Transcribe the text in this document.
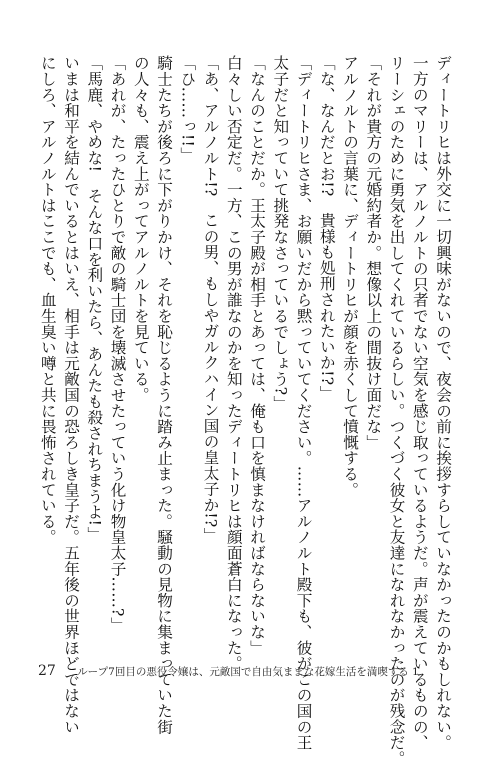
ディートリヒは外交に一切興味がないので、夜会の前に挨拶すらしていなかったのかもしれない。
一方のマリーは、アルノルトの只者でない空気を感じ取っているようだ。声が震えているものの、
リーシェのために勇気を出してくれているらしい。つくづく彼女と友達になれなかったのが残念だ。
「それが貴方の元婚約者か。想像以上の間抜け面だな」
アルノルトの言葉に、ディートリヒが顔を赤くして憤慨する。
「な、なんだとお!?　貴様も処刑されたいか!?」
「ディートリヒさま、お願いだから黙っていてください。……アルノルト殿下も、彼がこの国の王
太子だと知っていて挑発なさっているでしょう?」
「なんのことだか。王太子殿が相手とあっては、俺も口を慎まなければならないな」
白々しい否定だ。一方、この男が誰なのかを知ったディートリヒは顔面蒼白になった。
「あ、アルノルト!?　この男、もしやガルクハイン国の皇太子か!?」
「ひ……っ!!」
騎士たちが後ろに下がりかけ、それを恥じるように踏み止まった。騒動の見物に集まっていた街
の人々も、震え上がってアルノルトを見ている。
「あれが、たったひとりで敵の騎士団を壊滅させたっていう化け物皇太子……?」
「馬鹿、やめな!　そんな口を利いたら、あんたも殺されちまうよ!」
いまは和平を結んでいるとはいえ、相手は元敵国の恐ろしき皇子だ。五年後の世界ほどではない
にしろ、アルノルトはここでも、血生臭い噂と共に畏怖されている。
27 ループ7回目の悪役令嬢は、元敵国で自由気ままな花嫁生活を満喫する 1
